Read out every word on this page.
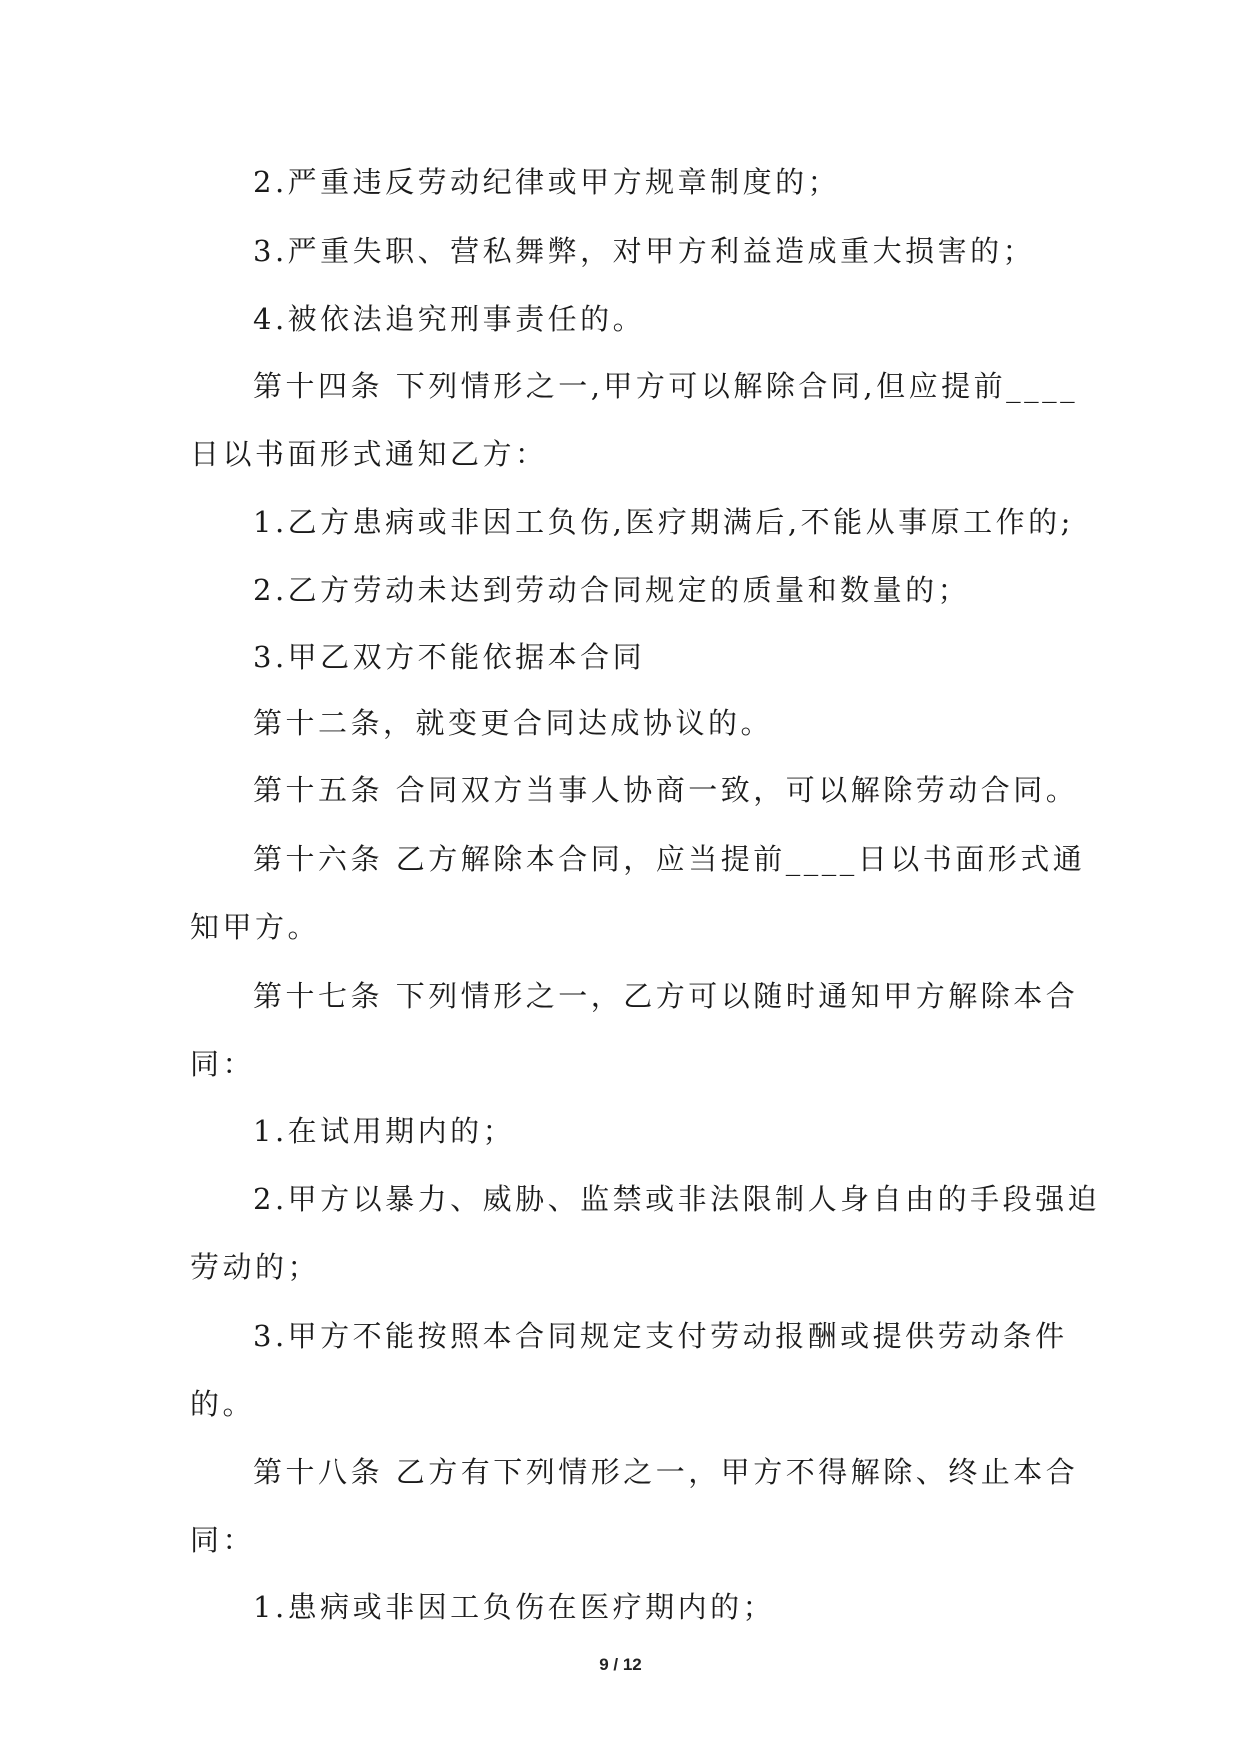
2.严重违反劳动纪律或甲方规章制度的；
3.严重失职、营私舞弊，对甲方利益造成重大损害的；
4.被依法追究刑事责任的。
第十四条 下列情形之一,甲方可以解除合同,但应提前____
日以书面形式通知乙方：
1.乙方患病或非因工负伤,医疗期满后,不能从事原工作的;
2.乙方劳动未达到劳动合同规定的质量和数量的；
3.甲乙双方不能依据本合同
第十二条，就变更合同达成协议的。
第十五条 合同双方当事人协商一致，可以解除劳动合同。
第十六条 乙方解除本合同，应当提前____日以书面形式通
知甲方。
第十七条 下列情形之一，乙方可以随时通知甲方解除本合
同：
1.在试用期内的；
2.甲方以暴力、威胁、监禁或非法限制人身自由的手段强迫
劳动的；
3.甲方不能按照本合同规定支付劳动报酬或提供劳动条件
的。
第十八条 乙方有下列情形之一，甲方不得解除、终止本合
同：
1.患病或非因工负伤在医疗期内的；
9 / 12
